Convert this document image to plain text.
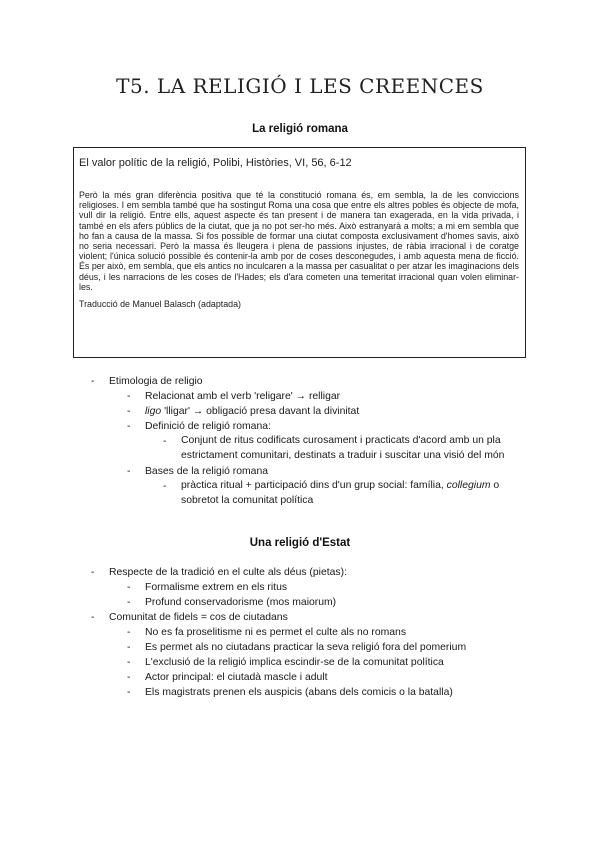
T5. LA RELIGIÓ I LES CREENCES
La religió romana

El valor polític de la religió, Polibi, Històries, VI, 56, 6-12

Però la més gran diferència positiva que té la constitució romana és, em sembla, la de les conviccions religioses. I em sembla també que ha sostingut Roma una cosa que entre els altres pobles és objecte de mofa, vull dir la religió. Entre ells, aquest aspecte és tan present i de manera tan exagerada, en la vida privada, i també en els afers públics de la ciutat, que ja no pot ser-ho més. Això estranyarà a molts; a mi em sembla que ho fan a causa de la massa. Si fos possible de formar una ciutat composta exclusivament d'homes savis, això no seria necessari. Però la massa és lleugera i plena de passions injustes, de ràbia irracional i de coratge violent; l'única solució possible és contenir-la amb por de coses desconegudes, i amb aquesta mena de ficció. És per això, em sembla, que els antics no inculcaren a la massa per casualitat o per atzar les imaginacions dels déus, i les narracions de les coses de l'Hades; els d'ara cometen una temeritat irracional quan volen eliminar-les.
Traducció de Manuel Balasch (adaptada)
- Etimologia de religio
- Relacionat amb el verb 'religare' → relligar
- ligo 'lligar' → obligació presa davant la divinitat
- Definició de religió romana:
- Conjunt de ritus codificats curosament i practicats d'acord amb un pla estrictament comunitari, destinats a traduir i suscitar una visió del món
- Bases de la religió romana
- pràctica ritual + participació dins d'un grup social: família, collegium o sobretot la comunitat política
Una religió d'Estat
- Respecte de la tradició en el culte als déus (pietas):
- Formalisme extrem en els ritus
- Profund conservadorisme (mos maiorum)
- Comunitat de fidels = cos de ciutadans
- No es fa proselitisme ni es permet el culte als no romans
- Es permet als no ciutadans practicar la seva religió fora del pomerium
- L'exclusió de la religió implica escindir-se de la comunitat política
- Actor principal: el ciutadà mascle i adult
- Els magistrats prenen els auspicis (abans dels comicis o la batalla)
